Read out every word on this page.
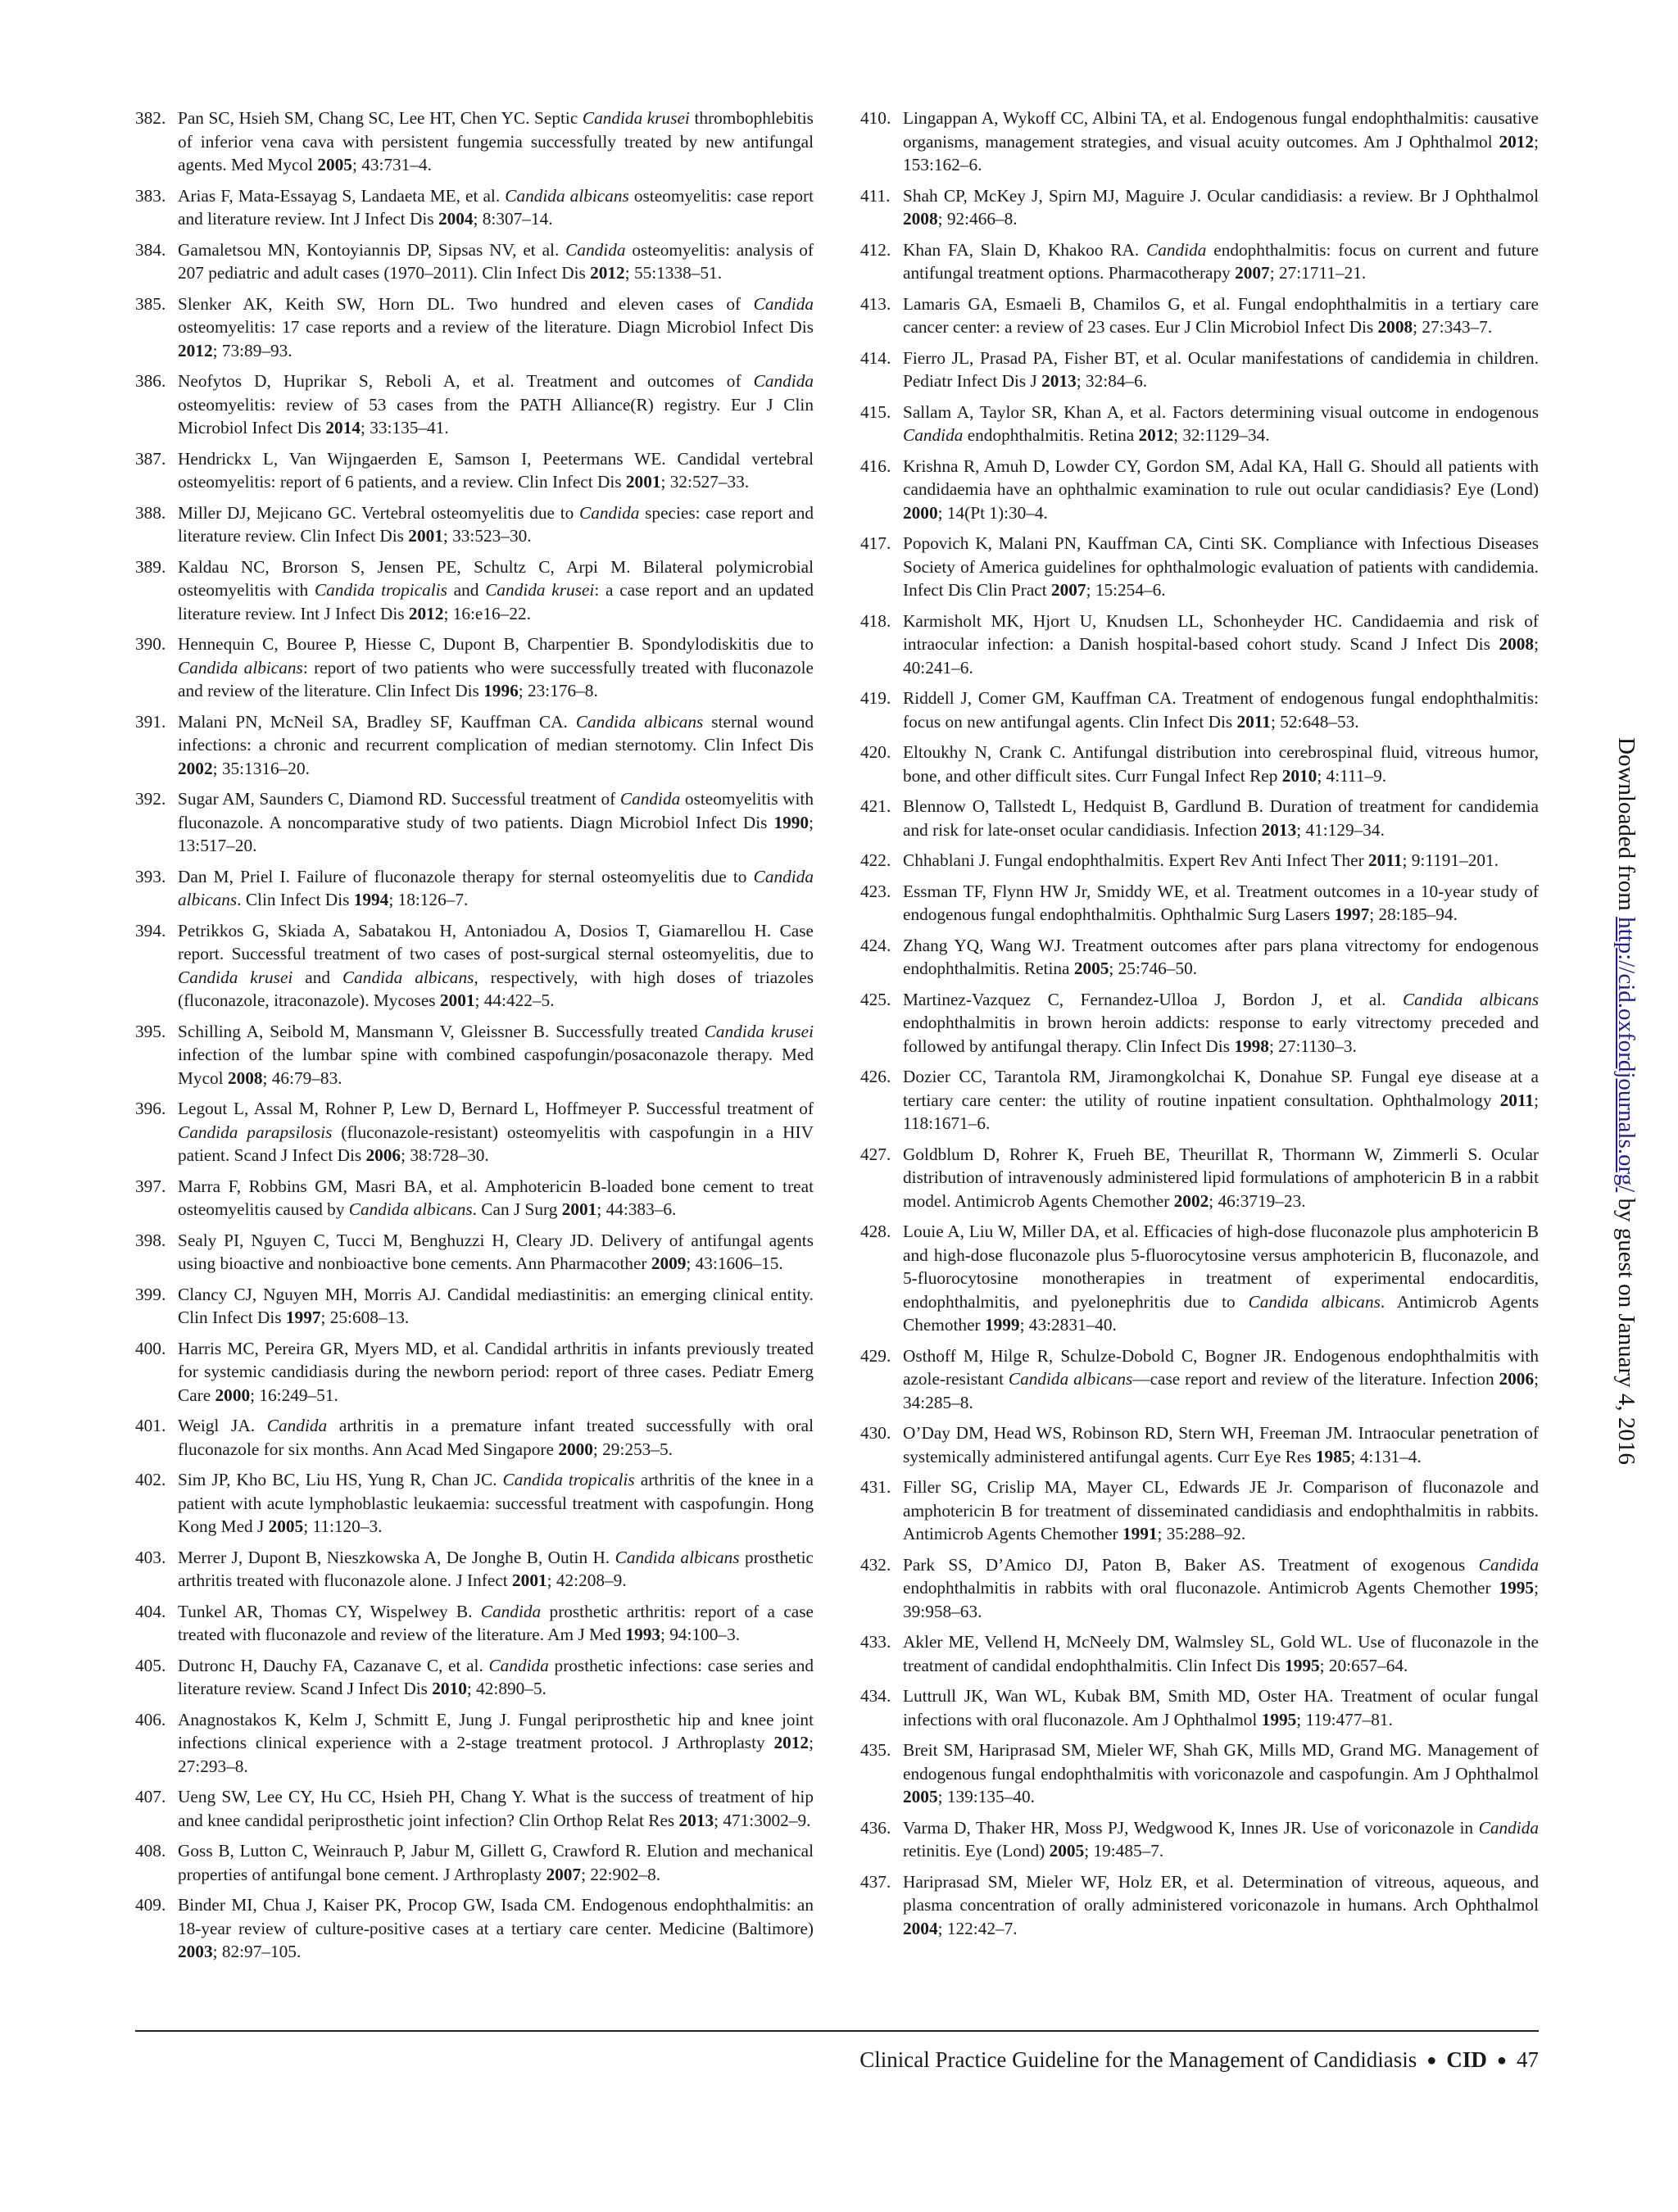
382. Pan SC, Hsieh SM, Chang SC, Lee HT, Chen YC. Septic Candida krusei thrombophlebitis of inferior vena cava with persistent fungemia successfully treated by new antifungal agents. Med Mycol 2005; 43:731–4.
383. Arias F, Mata-Essayag S, Landaeta ME, et al. Candida albicans osteomyelitis: case report and literature review. Int J Infect Dis 2004; 8:307–14.
384. Gamaletsou MN, Kontoyiannis DP, Sipsas NV, et al. Candida osteomyelitis: analysis of 207 pediatric and adult cases (1970–2011). Clin Infect Dis 2012; 55:1338–51.
385. Slenker AK, Keith SW, Horn DL. Two hundred and eleven cases of Candida osteomyelitis: 17 case reports and a review of the literature. Diagn Microbiol Infect Dis 2012; 73:89–93.
386. Neofytos D, Huprikar S, Reboli A, et al. Treatment and outcomes of Candida osteomyelitis: review of 53 cases from the PATH Alliance(R) registry. Eur J Clin Microbiol Infect Dis 2014; 33:135–41.
387. Hendrickx L, Van Wijngaerden E, Samson I, Peetermans WE. Candidal vertebral osteomyelitis: report of 6 patients, and a review. Clin Infect Dis 2001; 32:527–33.
388. Miller DJ, Mejicano GC. Vertebral osteomyelitis due to Candida species: case report and literature review. Clin Infect Dis 2001; 33:523–30.
389. Kaldau NC, Brorson S, Jensen PE, Schultz C, Arpi M. Bilateral polymicrobial osteomyelitis with Candida tropicalis and Candida krusei: a case report and an updated literature review. Int J Infect Dis 2012; 16:e16–22.
390. Hennequin C, Bouree P, Hiesse C, Dupont B, Charpentier B. Spondylodiskitis due to Candida albicans: report of two patients who were successfully treated with fluconazole and review of the literature. Clin Infect Dis 1996; 23:176–8.
391. Malani PN, McNeil SA, Bradley SF, Kauffman CA. Candida albicans sternal wound infections: a chronic and recurrent complication of median sternotomy. Clin Infect Dis 2002; 35:1316–20.
392. Sugar AM, Saunders C, Diamond RD. Successful treatment of Candida osteomyelitis with fluconazole. A noncomparative study of two patients. Diagn Microbiol Infect Dis 1990; 13:517–20.
393. Dan M, Priel I. Failure of fluconazole therapy for sternal osteomyelitis due to Candida albicans. Clin Infect Dis 1994; 18:126–7.
394. Petrikkos G, Skiada A, Sabatakou H, Antoniadou A, Dosios T, Giamarellou H. Case report. Successful treatment of two cases of post-surgical sternal osteomyelitis, due to Candida krusei and Candida albicans, respectively, with high doses of triazoles (fluconazole, itraconazole). Mycoses 2001; 44:422–5.
395. Schilling A, Seibold M, Mansmann V, Gleissner B. Successfully treated Candida krusei infection of the lumbar spine with combined caspofungin/posaconazole therapy. Med Mycol 2008; 46:79–83.
396. Legout L, Assal M, Rohner P, Lew D, Bernard L, Hoffmeyer P. Successful treatment of Candida parapsilosis (fluconazole-resistant) osteomyelitis with caspofungin in a HIV patient. Scand J Infect Dis 2006; 38:728–30.
397. Marra F, Robbins GM, Masri BA, et al. Amphotericin B-loaded bone cement to treat osteomyelitis caused by Candida albicans. Can J Surg 2001; 44:383–6.
398. Sealy PI, Nguyen C, Tucci M, Benghuzzi H, Cleary JD. Delivery of antifungal agents using bioactive and nonbioactive bone cements. Ann Pharmacother 2009; 43:1606–15.
399. Clancy CJ, Nguyen MH, Morris AJ. Candidal mediastinitis: an emerging clinical entity. Clin Infect Dis 1997; 25:608–13.
400. Harris MC, Pereira GR, Myers MD, et al. Candidal arthritis in infants previously treated for systemic candidiasis during the newborn period: report of three cases. Pediatr Emerg Care 2000; 16:249–51.
401. Weigl JA. Candida arthritis in a premature infant treated successfully with oral fluconazole for six months. Ann Acad Med Singapore 2000; 29:253–5.
402. Sim JP, Kho BC, Liu HS, Yung R, Chan JC. Candida tropicalis arthritis of the knee in a patient with acute lymphoblastic leukaemia: successful treatment with caspofungin. Hong Kong Med J 2005; 11:120–3.
403. Merrer J, Dupont B, Nieszkowska A, De Jonghe B, Outin H. Candida albicans prosthetic arthritis treated with fluconazole alone. J Infect 2001; 42:208–9.
404. Tunkel AR, Thomas CY, Wispelwey B. Candida prosthetic arthritis: report of a case treated with fluconazole and review of the literature. Am J Med 1993; 94:100–3.
405. Dutronc H, Dauchy FA, Cazanave C, et al. Candida prosthetic infections: case series and literature review. Scand J Infect Dis 2010; 42:890–5.
406. Anagnostakos K, Kelm J, Schmitt E, Jung J. Fungal periprosthetic hip and knee joint infections clinical experience with a 2-stage treatment protocol. J Arthroplasty 2012; 27:293–8.
407. Ueng SW, Lee CY, Hu CC, Hsieh PH, Chang Y. What is the success of treatment of hip and knee candidal periprosthetic joint infection? Clin Orthop Relat Res 2013; 471:3002–9.
408. Goss B, Lutton C, Weinrauch P, Jabur M, Gillett G, Crawford R. Elution and mechanical properties of antifungal bone cement. J Arthroplasty 2007; 22:902–8.
409. Binder MI, Chua J, Kaiser PK, Procop GW, Isada CM. Endogenous endophthalmitis: an 18-year review of culture-positive cases at a tertiary care center. Medicine (Baltimore) 2003; 82:97–105.
410. Lingappan A, Wykoff CC, Albini TA, et al. Endogenous fungal endophthalmitis: causative organisms, management strategies, and visual acuity outcomes. Am J Ophthalmol 2012; 153:162–6.
411. Shah CP, McKey J, Spirn MJ, Maguire J. Ocular candidiasis: a review. Br J Ophthalmol 2008; 92:466–8.
412. Khan FA, Slain D, Khakoo RA. Candida endophthalmitis: focus on current and future antifungal treatment options. Pharmacotherapy 2007; 27:1711–21.
413. Lamaris GA, Esmaeli B, Chamilos G, et al. Fungal endophthalmitis in a tertiary care cancer center: a review of 23 cases. Eur J Clin Microbiol Infect Dis 2008; 27:343–7.
414. Fierro JL, Prasad PA, Fisher BT, et al. Ocular manifestations of candidemia in children. Pediatr Infect Dis J 2013; 32:84–6.
415. Sallam A, Taylor SR, Khan A, et al. Factors determining visual outcome in endogenous Candida endophthalmitis. Retina 2012; 32:1129–34.
416. Krishna R, Amuh D, Lowder CY, Gordon SM, Adal KA, Hall G. Should all patients with candidaemia have an ophthalmic examination to rule out ocular candidiasis? Eye (Lond) 2000; 14(Pt 1):30–4.
417. Popovich K, Malani PN, Kauffman CA, Cinti SK. Compliance with Infectious Diseases Society of America guidelines for ophthalmologic evaluation of patients with candidemia. Infect Dis Clin Pract 2007; 15:254–6.
418. Karmisholt MK, Hjort U, Knudsen LL, Schonheyder HC. Candidaemia and risk of intraocular infection: a Danish hospital-based cohort study. Scand J Infect Dis 2008; 40:241–6.
419. Riddell J, Comer GM, Kauffman CA. Treatment of endogenous fungal endophthalmitis: focus on new antifungal agents. Clin Infect Dis 2011; 52:648–53.
420. Eltoukhy N, Crank C. Antifungal distribution into cerebrospinal fluid, vitreous humor, bone, and other difficult sites. Curr Fungal Infect Rep 2010; 4:111–9.
421. Blennow O, Tallstedt L, Hedquist B, Gardlund B. Duration of treatment for candidemia and risk for late-onset ocular candidiasis. Infection 2013; 41:129–34.
422. Chhablani J. Fungal endophthalmitis. Expert Rev Anti Infect Ther 2011; 9:1191–201.
423. Essman TF, Flynn HW Jr, Smiddy WE, et al. Treatment outcomes in a 10-year study of endogenous fungal endophthalmitis. Ophthalmic Surg Lasers 1997; 28:185–94.
424. Zhang YQ, Wang WJ. Treatment outcomes after pars plana vitrectomy for endogenous endophthalmitis. Retina 2005; 25:746–50.
425. Martinez-Vazquez C, Fernandez-Ulloa J, Bordon J, et al. Candida albicans endophthalmitis in brown heroin addicts: response to early vitrectomy preceded and followed by antifungal therapy. Clin Infect Dis 1998; 27:1130–3.
426. Dozier CC, Tarantola RM, Jiramongkolchai K, Donahue SP. Fungal eye disease at a tertiary care center: the utility of routine inpatient consultation. Ophthalmology 2011; 118:1671–6.
427. Goldblum D, Rohrer K, Frueh BE, Theurillat R, Thormann W, Zimmerli S. Ocular distribution of intravenously administered lipid formulations of amphotericin B in a rabbit model. Antimicrob Agents Chemother 2002; 46:3719–23.
428. Louie A, Liu W, Miller DA, et al. Efficacies of high-dose fluconazole plus amphotericin B and high-dose fluconazole plus 5-fluorocytosine versus amphotericin B, fluconazole, and 5-fluorocytosine monotherapies in treatment of experimental endocarditis, endophthalmitis, and pyelonephritis due to Candida albicans. Antimicrob Agents Chemother 1999; 43:2831–40.
429. Osthoff M, Hilge R, Schulze-Dobold C, Bogner JR. Endogenous endophthalmitis with azole-resistant Candida albicans—case report and review of the literature. Infection 2006; 34:285–8.
430. O’Day DM, Head WS, Robinson RD, Stern WH, Freeman JM. Intraocular penetration of systemically administered antifungal agents. Curr Eye Res 1985; 4:131–4.
431. Filler SG, Crislip MA, Mayer CL, Edwards JE Jr. Comparison of fluconazole and amphotericin B for treatment of disseminated candidiasis and endophthalmitis in rabbits. Antimicrob Agents Chemother 1991; 35:288–92.
432. Park SS, D’Amico DJ, Paton B, Baker AS. Treatment of exogenous Candida endophthalmitis in rabbits with oral fluconazole. Antimicrob Agents Chemother 1995; 39:958–63.
433. Akler ME, Vellend H, McNeely DM, Walmsley SL, Gold WL. Use of fluconazole in the treatment of candidal endophthalmitis. Clin Infect Dis 1995; 20:657–64.
434. Luttrull JK, Wan WL, Kubak BM, Smith MD, Oster HA. Treatment of ocular fungal infections with oral fluconazole. Am J Ophthalmol 1995; 119:477–81.
435. Breit SM, Hariprasad SM, Mieler WF, Shah GK, Mills MD, Grand MG. Management of endogenous fungal endophthalmitis with voriconazole and caspofungin. Am J Ophthalmol 2005; 139:135–40.
436. Varma D, Thaker HR, Moss PJ, Wedgwood K, Innes JR. Use of voriconazole in Candida retinitis. Eye (Lond) 2005; 19:485–7.
437. Hariprasad SM, Mieler WF, Holz ER, et al. Determination of vitreous, aqueous, and plasma concentration of orally administered voriconazole in humans. Arch Ophthalmol 2004; 122:42–7.
Downloaded from http://cid.oxfordjournals.org/ by guest on January 4, 2016
Clinical Practice Guideline for the Management of Candidiasis ● CID ● 47
